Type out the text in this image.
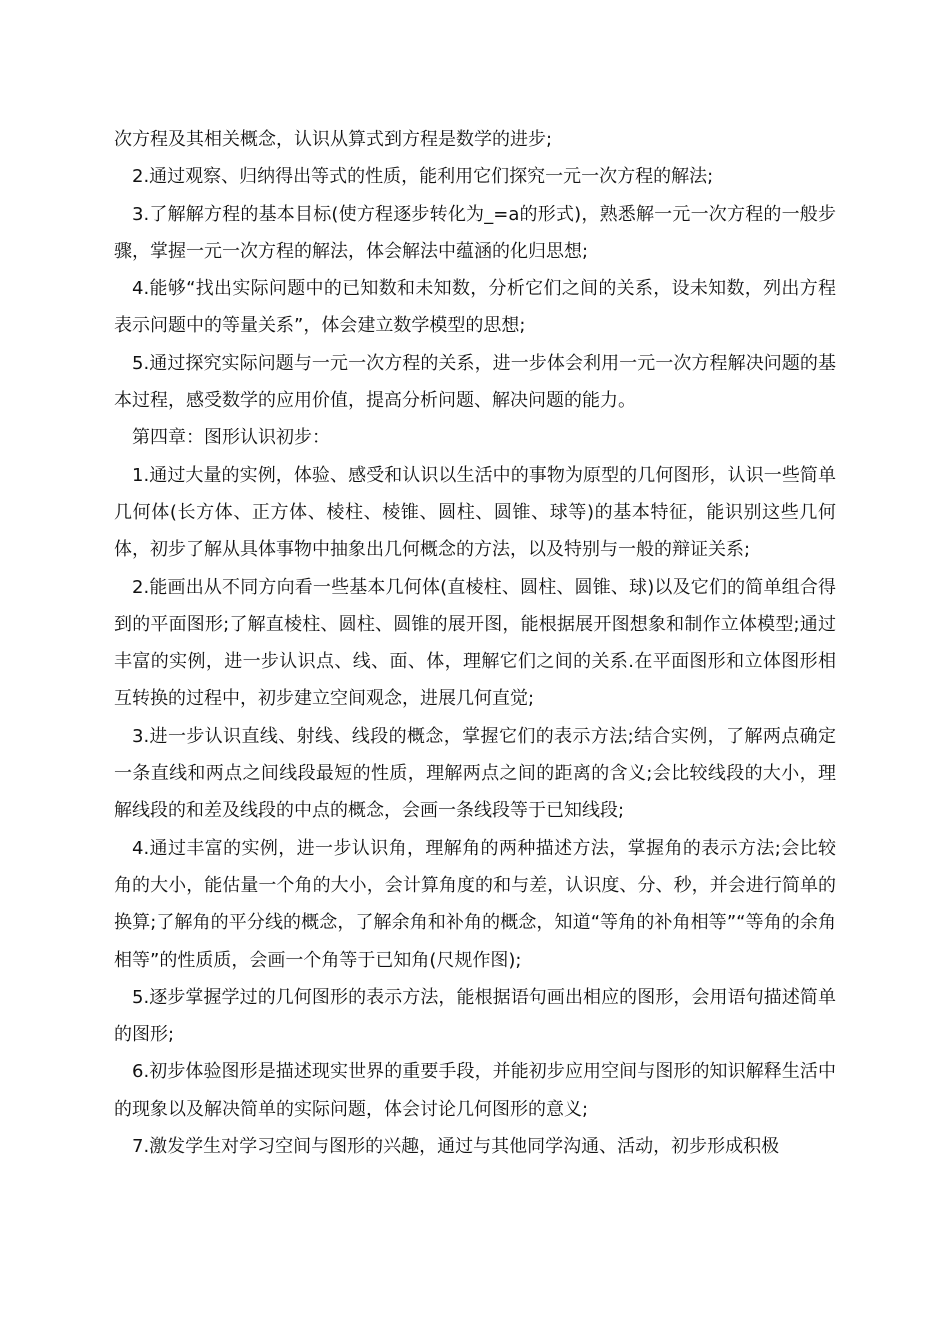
次方程及其相关概念，认识从算式到方程是数学的进步;

2.通过观察、归纳得出等式的性质，能利用它们探究一元一次方程的解法;

3.了解解方程的基本目标(使方程逐步转化为_=a的形式)，熟悉解一元一次方程的一般步骤，掌握一元一次方程的解法，体会解法中蕴涵的化归思想;

4.能够“找出实际问题中的已知数和未知数，分析它们之间的关系，设未知数，列出方程表示问题中的等量关系”，体会建立数学模型的思想;

5.通过探究实际问题与一元一次方程的关系，进一步体会利用一元一次方程解决问题的基本过程，感受数学的应用价值，提高分析问题、解决问题的能力。

第四章：图形认识初步：

1.通过大量的实例，体验、感受和认识以生活中的事物为原型的几何图形，认识一些简单几何体(长方体、正方体、棱柱、棱锥、圆柱、圆锥、球等)的基本特征，能识别这些几何体，初步了解从具体事物中抽象出几何概念的方法，以及特别与一般的辩证关系;

2.能画出从不同方向看一些基本几何体(直棱柱、圆柱、圆锥、球)以及它们的简单组合得到的平面图形;了解直棱柱、圆柱、圆锥的展开图，能根据展开图想象和制作立体模型;通过丰富的实例，进一步认识点、线、面、体，理解它们之间的关系.在平面图形和立体图形相互转换的过程中，初步建立空间观念，进展几何直觉;

3.进一步认识直线、射线、线段的概念，掌握它们的表示方法;结合实例，了解两点确定一条直线和两点之间线段最短的性质，理解两点之间的距离的含义;会比较线段的大小，理解线段的和差及线段的中点的概念，会画一条线段等于已知线段;

4.通过丰富的实例，进一步认识角，理解角的两种描述方法，掌握角的表示方法;会比较角的大小，能估量一个角的大小，会计算角度的和与差，认识度、分、秒，并会进行简单的换算;了解角的平分线的概念，了解余角和补角的概念，知道“等角的补角相等”“等角的余角相等”的性质质，会画一个角等于已知角(尺规作图);

5.逐步掌握学过的几何图形的表示方法，能根据语句画出相应的图形，会用语句描述简单的图形;

6.初步体验图形是描述现实世界的重要手段，并能初步应用空间与图形的知识解释生活中的现象以及解决简单的实际问题，体会讨论几何图形的意义;

7.激发学生对学习空间与图形的兴趣，通过与其他同学沟通、活动，初步形成积极
